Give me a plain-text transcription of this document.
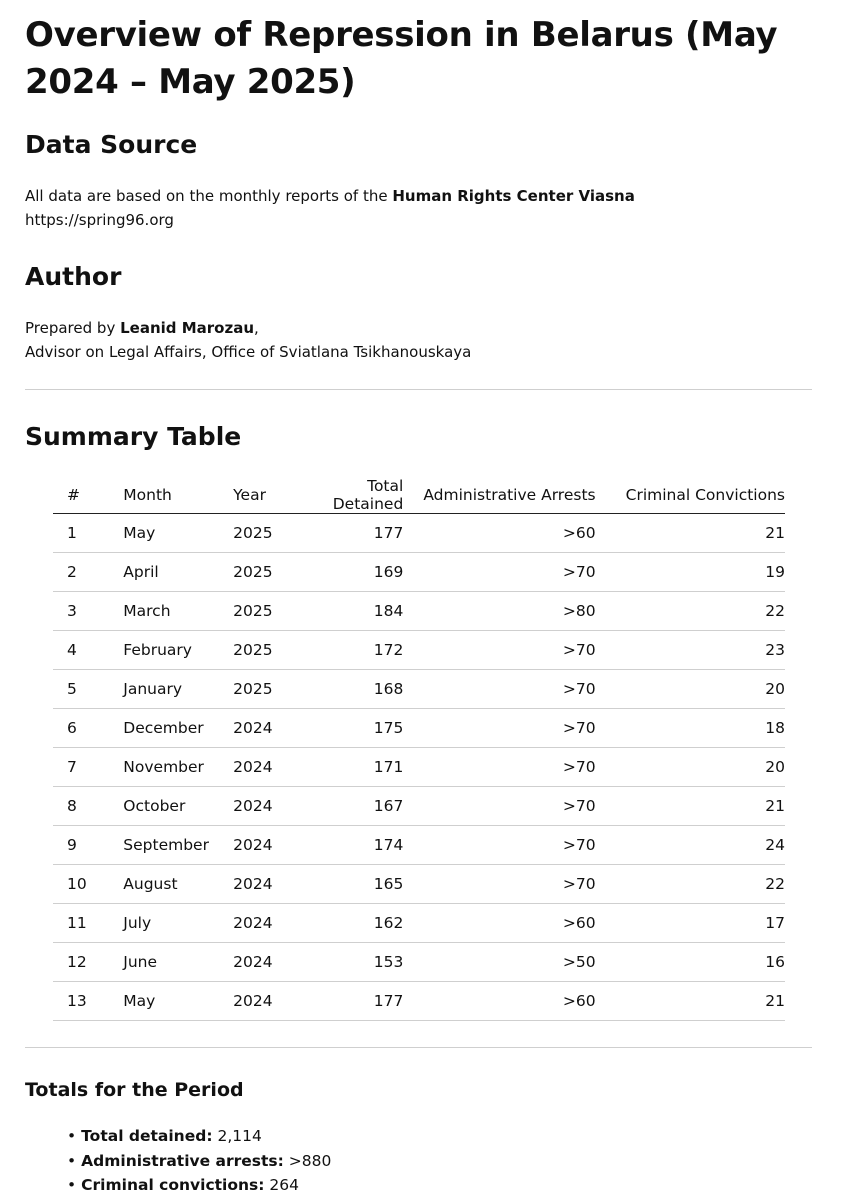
Overview of Repression in Belarus (May 2024 – May 2025)
Data Source

All data are based on the monthly reports of the Human Rights Center Viasna
https://spring96.org

Author

Prepared by Leanid Marozau,
Advisor on Legal Affairs, Office of Sviatlana Tsikhanouskaya

Summary Table
#	Month	Year	Total Detained	Administrative Arrests	Criminal Convictions
1	May	2025	177	>60	21
2	April	2025	169	>70	19
3	March	2025	184	>80	22
4	February	2025	172	>70	23
5	January	2025	168	>70	20
6	December	2024	175	>70	18
7	November	2024	171	>70	20
8	October	2024	167	>70	21
9	September	2024	174	>70	24
10	August	2024	165	>70	22
11	July	2024	162	>60	17
12	June	2024	153	>50	16
13	May	2024	177	>60	21
Totals for the Period
• Total detained: 2,114
• Administrative arrests: >880
• Criminal convictions: 264
